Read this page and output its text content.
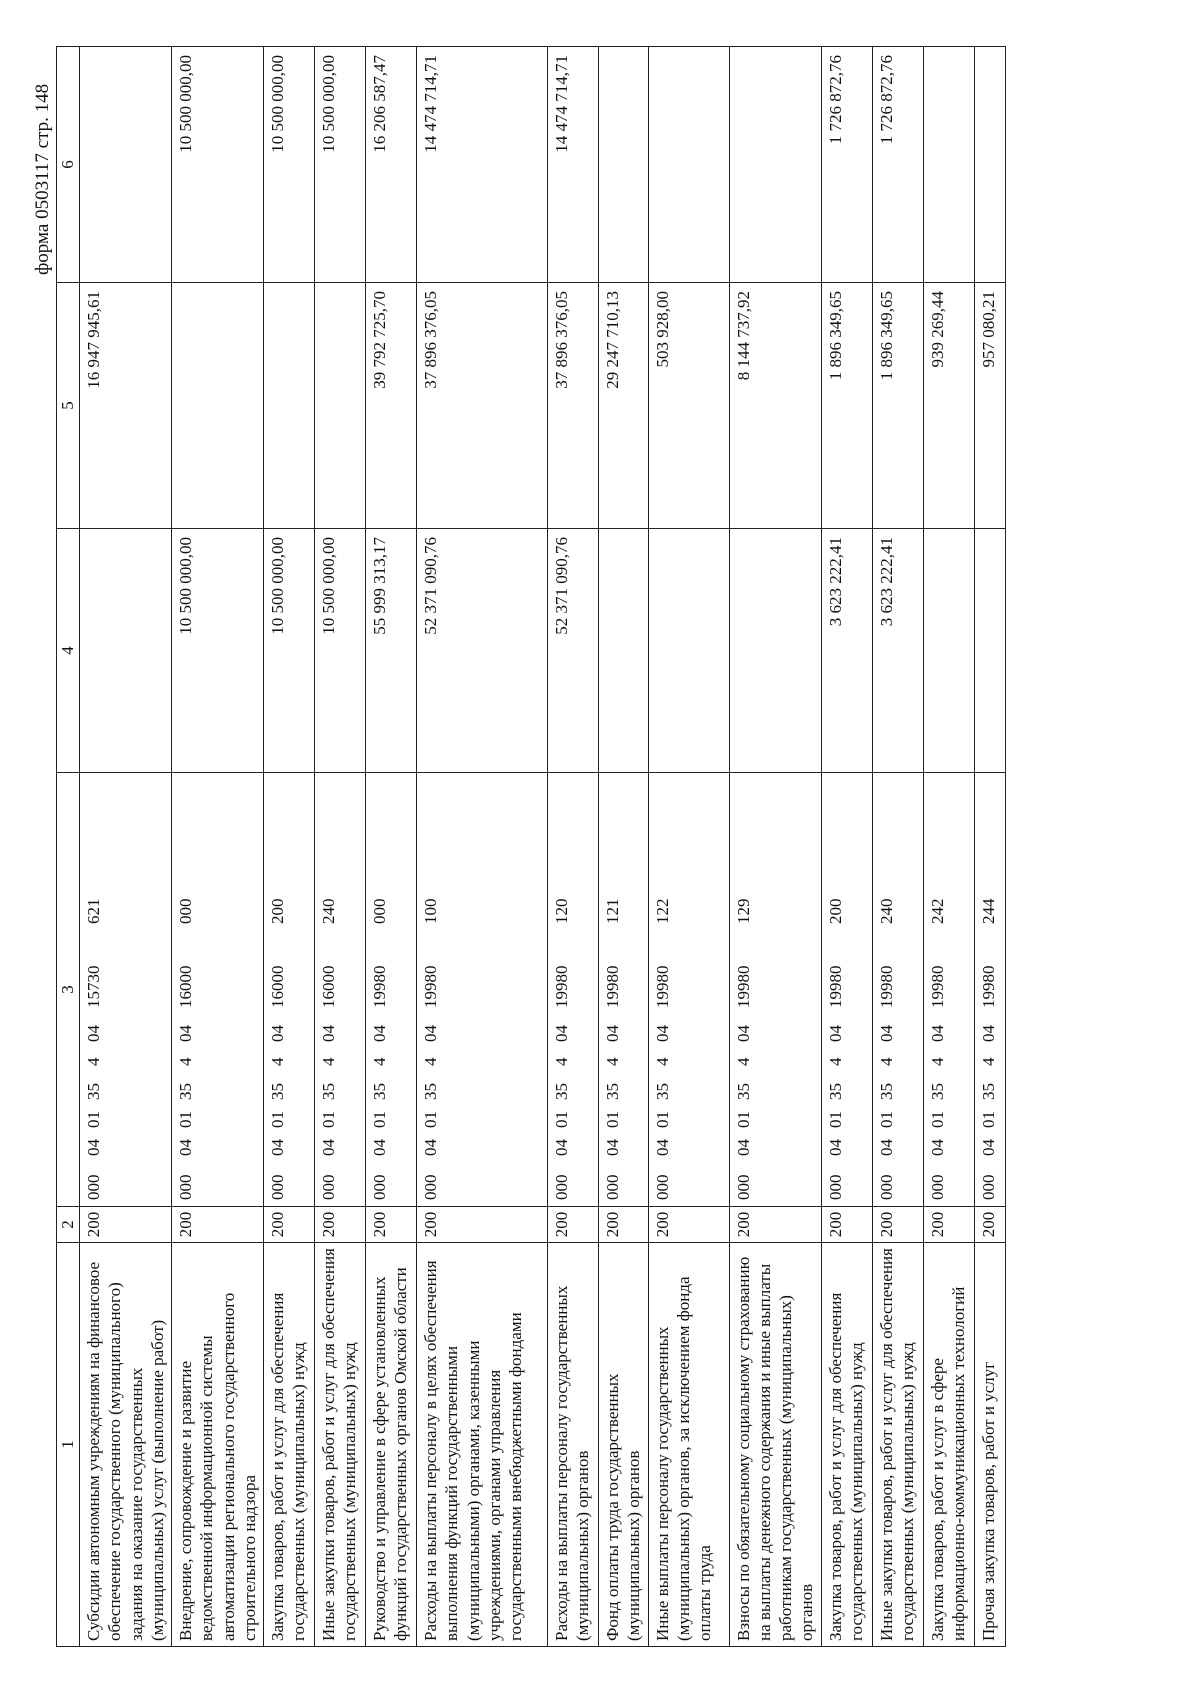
форма 0503117 стр. 148
1	2	3	4	5	6
Субсидии автономным учреждениям на финансовое обеспечение государственного (муниципального) задания на оказание государственных (муниципальных) услуг (выполнение работ)	200	00004013540415730621		16 947 945,61	
Внедрение, сопровождение и развитие ведомственной информационной системы автоматизации регионального государственного строительного надзора	200	00004013540416000000	10 500 000,00		10 500 000,00
Закупка товаров, работ и услуг для обеспечения государственных (муниципальных) нужд	200	00004013540416000200	10 500 000,00		10 500 000,00
Иные закупки товаров, работ и услуг для обеспечения государственных (муниципальных) нужд	200	00004013540416000240	10 500 000,00		10 500 000,00
Руководство и управление в сфере установленных функций государственных органов Омской области	200	00004013540419980000	55 999 313,17	39 792 725,70	16 206 587,47
Расходы на выплаты персоналу в целях обеспечения выполнения функций государственными (муниципальными) органами, казенными учреждениями, органами управления государственными внебюджетными фондами	200	00004013540419980100	52 371 090,76	37 896 376,05	14 474 714,71
Расходы на выплаты персоналу государственных (муниципальных) органов	200	00004013540419980120	52 371 090,76	37 896 376,05	14 474 714,71
Фонд оплаты труда государственных (муниципальных) органов	200	00004013540419980121		29 247 710,13	
Иные выплаты персоналу государственных (муниципальных) органов, за исключением фонда оплаты труда	200	00004013540419980122		503 928,00	
Взносы по обязательному социальному страхованию на выплаты денежного содержания и иные выплаты работникам государственных (муниципальных) органов	200	00004013540419980129		8 144 737,92	
Закупка товаров, работ и услуг для обеспечения государственных (муниципальных) нужд	200	00004013540419980200	3 623 222,41	1 896 349,65	1 726 872,76
Иные закупки товаров, работ и услуг для обеспечения государственных (муниципальных) нужд	200	00004013540419980240	3 623 222,41	1 896 349,65	1 726 872,76
Закупка товаров, работ и услуг в сфере информационно-коммуникационных технологий	200	00004013540419980242		939 269,44	
Прочая закупка товаров, работ и услуг	200	00004013540419980244		957 080,21	
